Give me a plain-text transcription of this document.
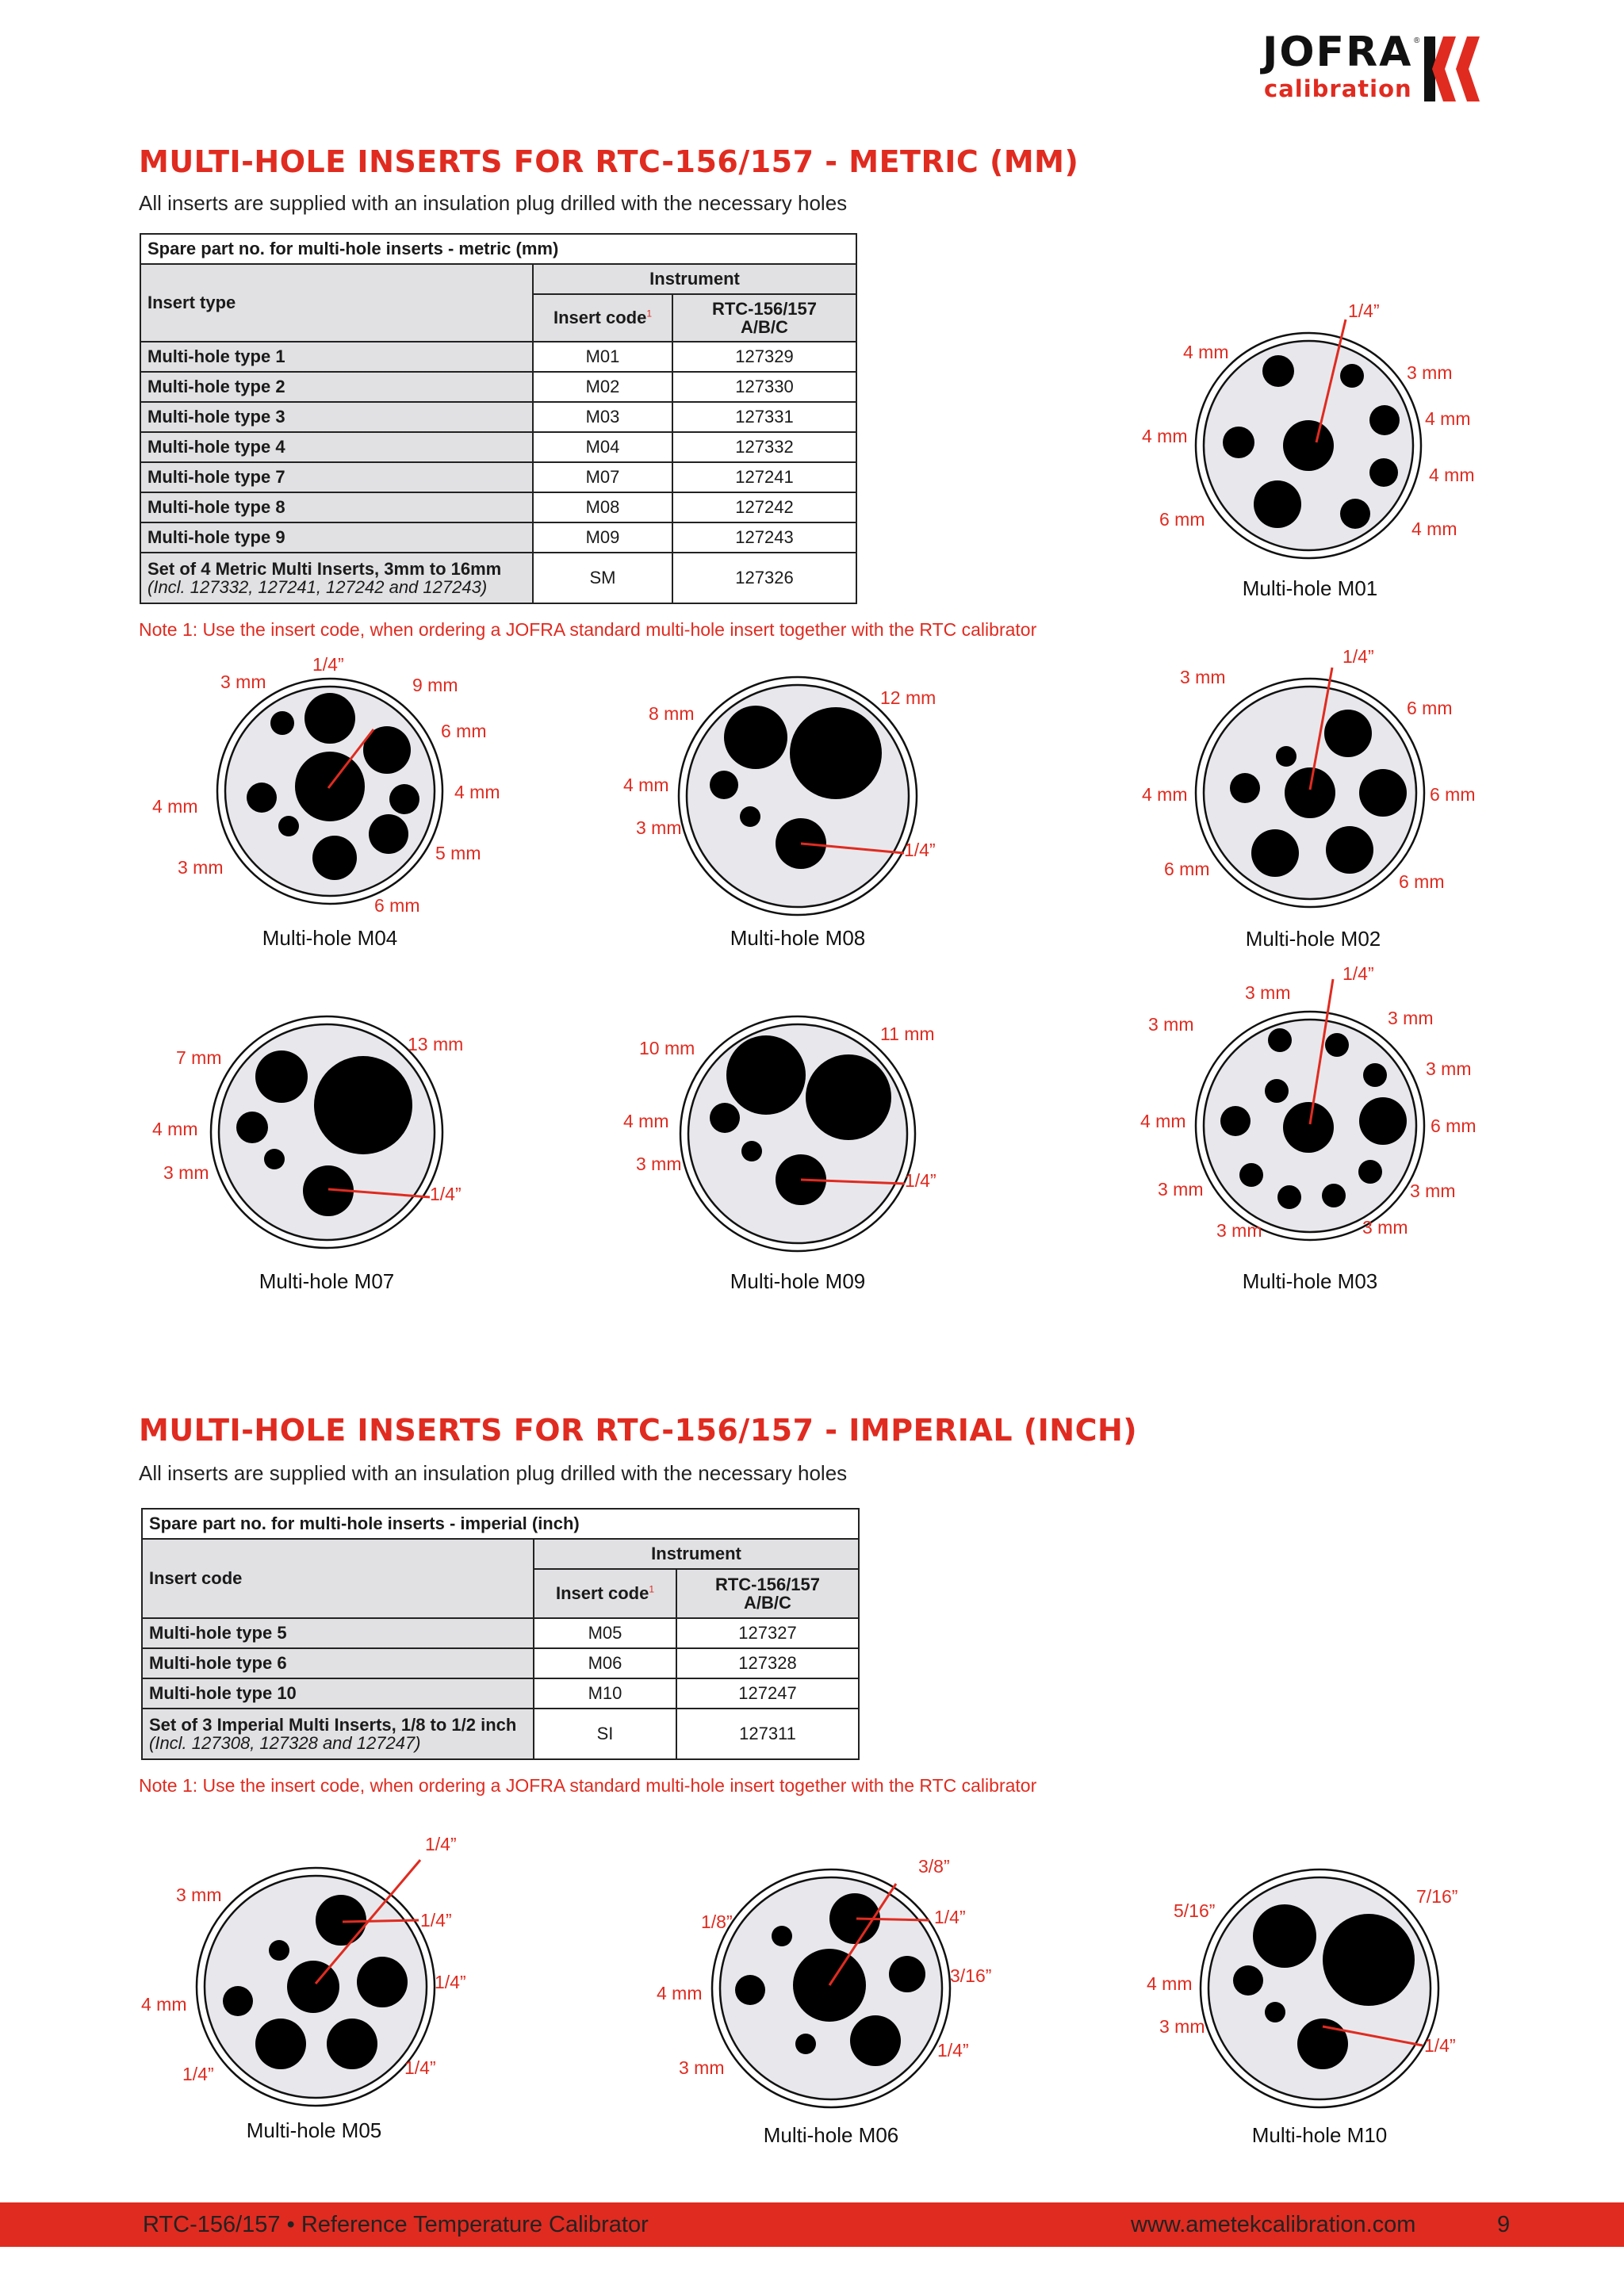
JOFRA ®
calibration
MULTI-HOLE INSERTS FOR RTC-156/157 - METRIC (MM)
All inserts are supplied with an insulation plug drilled with the necessary holes
Spare part no. for multi-hole inserts - metric (mm)		
Insert type	Instrument	
	Insert code$^1$	RTC-156/157
A/B/C

Multi-hole type 1	M01	127329
Multi-hole type 2	M02	127330
Multi-hole type 3	M03	127331
Multi-hole type 4	M04	127332
Multi-hole type 7	M07	127241
Multi-hole type 8	M08	127242
Multi-hole type 9	M09	127243

Set of 4 Metric Multi Inserts, 3mm to 16mm
(Incl. 127332, 127241, 127242 and 127243)	SM	127326
Note 1: Use the insert code, when ordering a JOFRA standard multi-hole insert together with the RTC calibrator
MULTI-HOLE INSERTS FOR RTC-156/157 - IMPERIAL (INCH)
All inserts are supplied with an insulation plug drilled with the necessary holes
Spare part no. for multi-hole inserts - imperial (inch)		
Insert code	Instrument	
	Insert code$^1$	RTC-156/157
A/B/C

Multi-hole type 5	M05	127327
Multi-hole type 6	M06	127328
Multi-hole type 10	M10	127247

Set of 3 Imperial Multi Inserts, 1/8 to 1/2 inch
(Incl. 127308, 127328 and 127247)	SI	127311
Note 1: Use the insert code, when ordering a JOFRA standard multi-hole insert together with the RTC calibrator
1/4”
4 mm
3 mm
4 mm
4 mm
4 mm
6 mm	4 mm
Multi-hole M01
1/4”
3 mm	9 mm
6 mm
4 mm
4 mm
5 mm
3 mm
6 mm
Multi-hole M04
12 mm
8 mm
4 mm
3 mm
1/4”
Multi-hole M08
1/4”
3 mm
6 mm
4 mm	6 mm
6 mm
6 mm
Multi-hole M02
13 mm
7 mm
4 mm
3 mm
1/4”
Multi-hole M07
11 mm
10 mm
4 mm
3 mm
1/4”
Multi-hole M09
1/4”
3 mm
3 mm	3 mm
3 mm
4 mm	6 mm
3 mm	3 mm
3 mm	3 mm
Multi-hole M03
1/4”
3 mm
1/4”
1/4”
4 mm
1/4”
1/4”
Multi-hole M05
3/8”
1/8”	1/4”
3/16”
4 mm
1/4”
3 mm
Multi-hole M06
5/16”
7/16”
4 mm
3 mm
1/4”
Multi-hole M10
RTC-156/157 • Reference Temperature Calibrator	www.ametekcalibration.com	9
